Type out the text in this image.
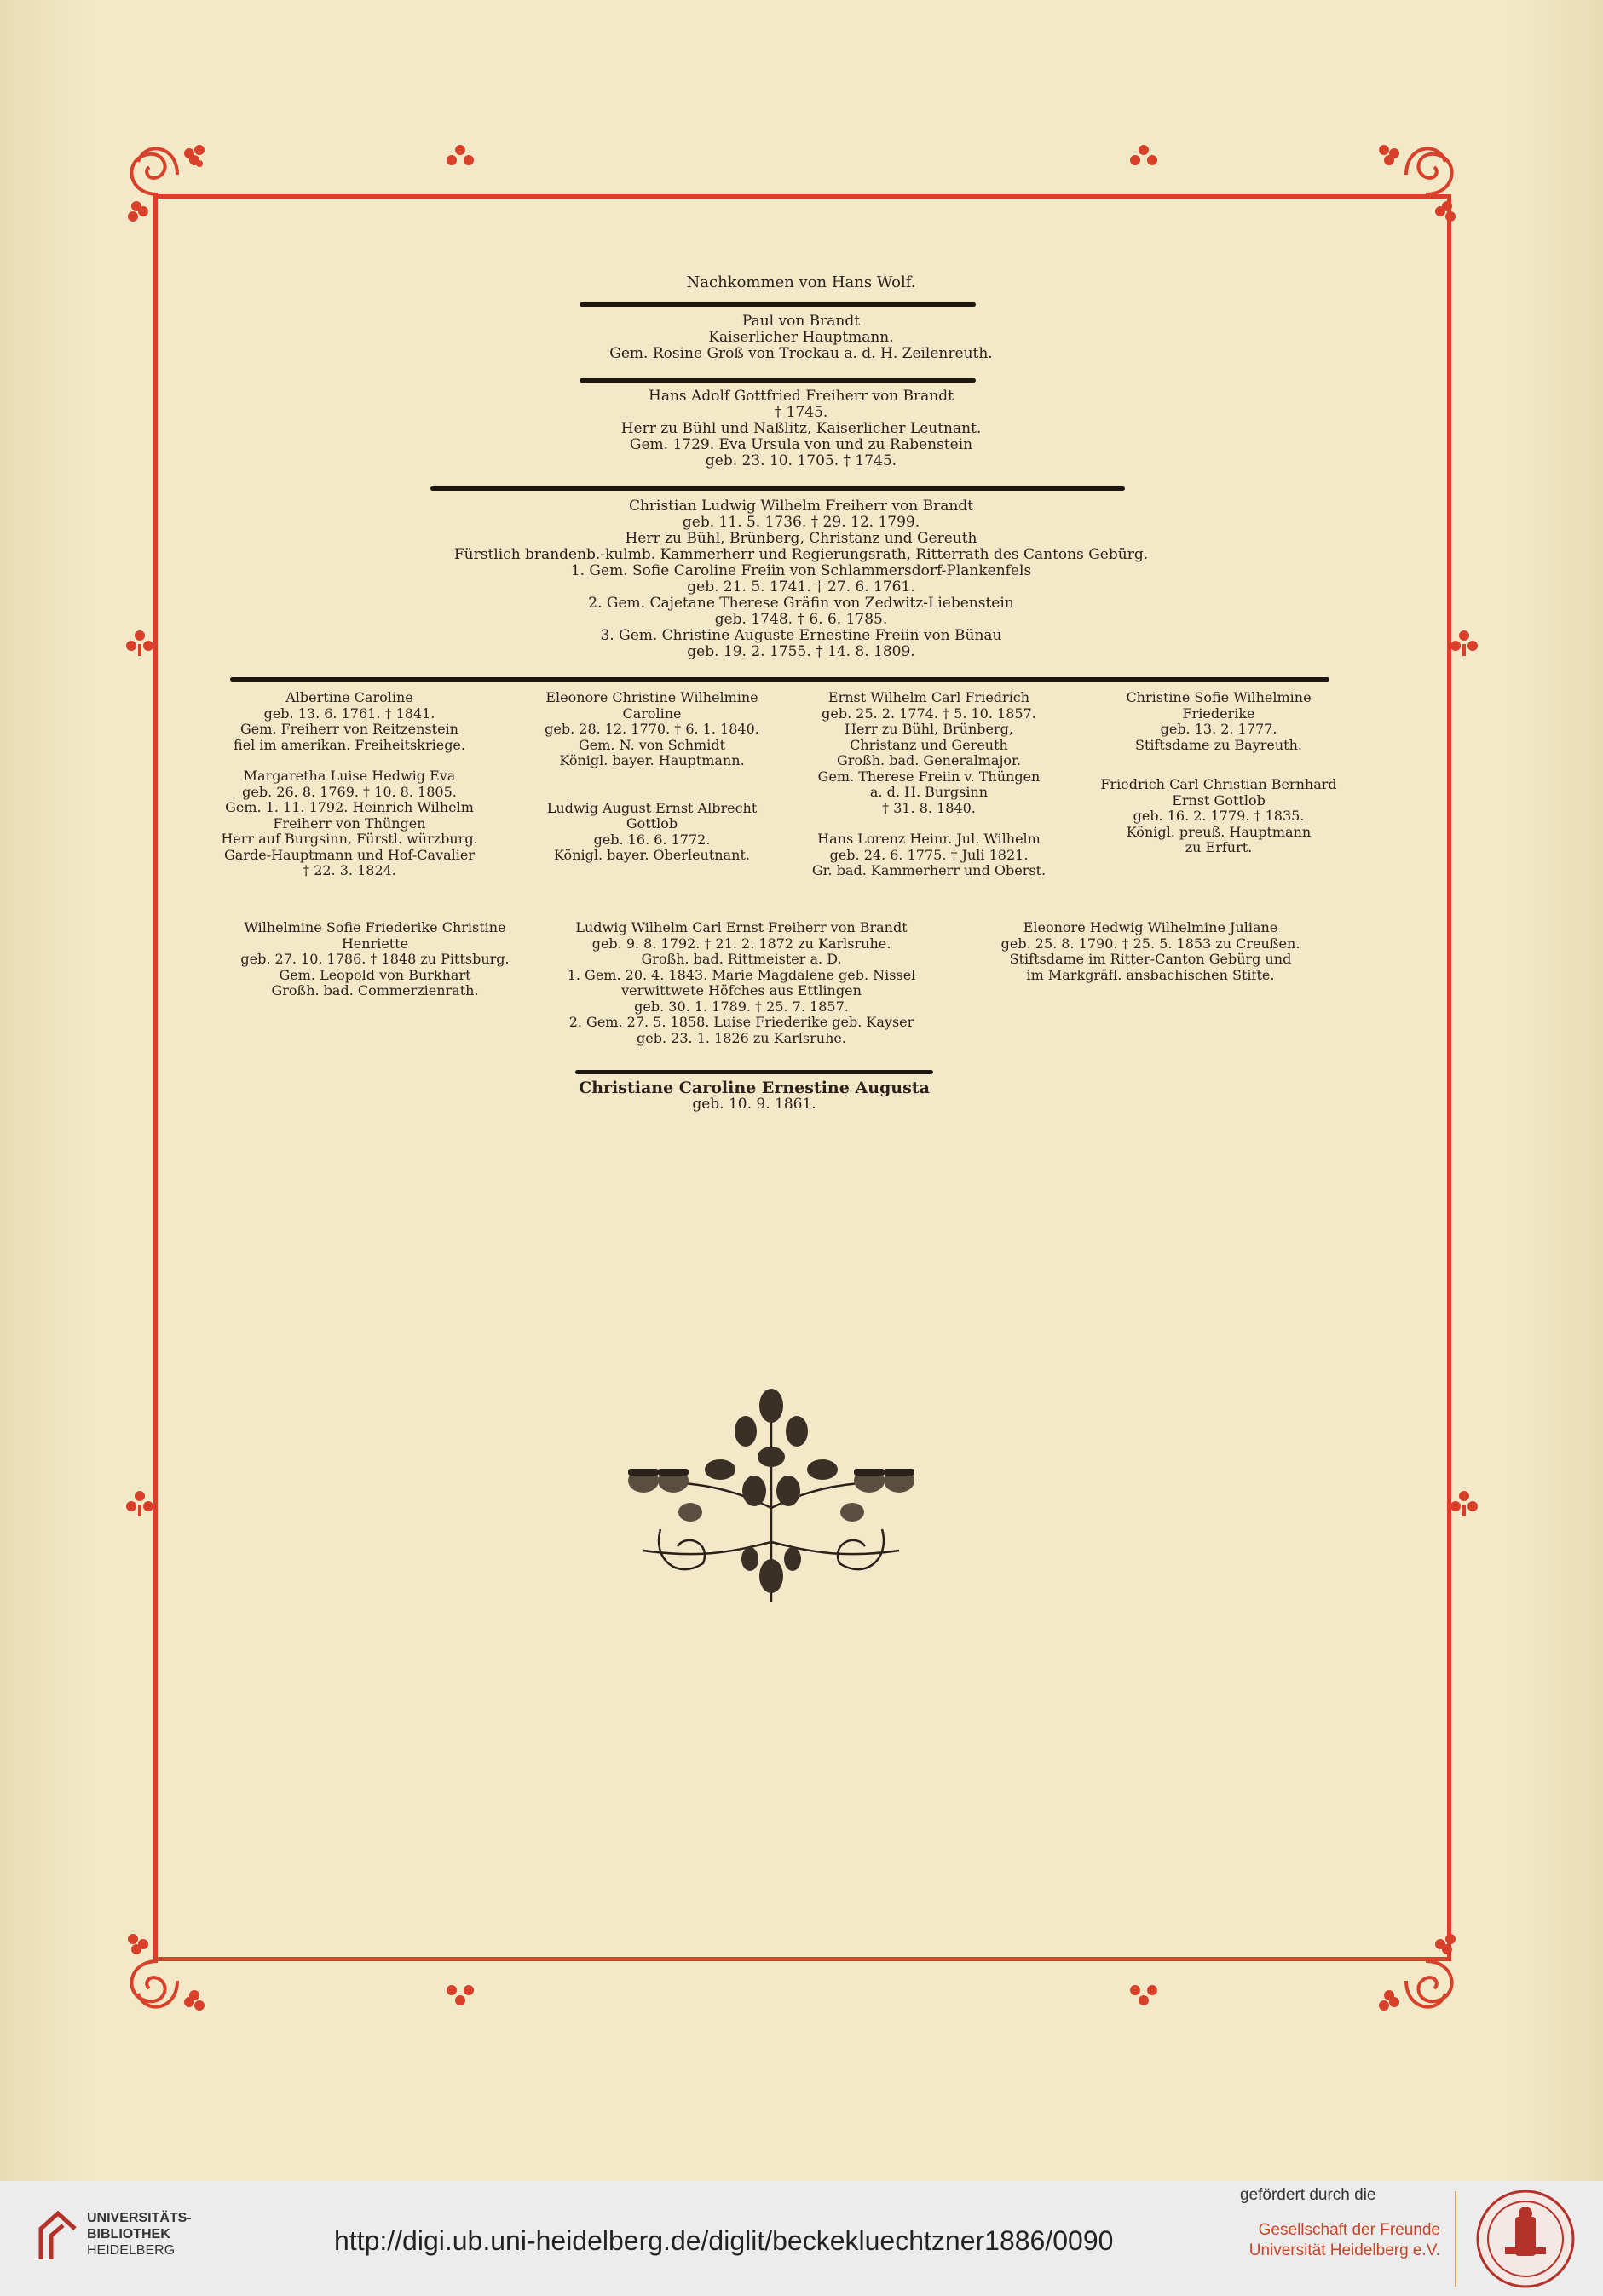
Nachkommen von Hans Wolf.
Paul von Brandt
Kaiserlicher Hauptmann.
Gem. Rosine Groß von Trockau a. d. H. Zeilenreuth.
Hans Adolf Gottfried Freiherr von Brandt
† 1745.
Herr zu Bühl und Naßlitz, Kaiserlicher Leutnant.
Gem. 1729. Eva Ursula von und zu Rabenstein
geb. 23. 10. 1705. † 1745.
Christian Ludwig Wilhelm Freiherr von Brandt
geb. 11. 5. 1736. † 29. 12. 1799.
Herr zu Bühl, Brünberg, Christanz und Gereuth
Fürstlich brandenb.-kulmb. Kammerherr und Regierungsrath, Ritterrath des Cantons Gebürg.
1. Gem. Sofie Caroline Freiin von Schlammersdorf-Plankenfels
geb. 21. 5. 1741. † 27. 6. 1761.
2. Gem. Cajetane Therese Gräfin von Zedwitz-Liebenstein
geb. 1748. † 6. 6. 1785.
3. Gem. Christine Auguste Ernestine Freiin von Bünau
geb. 19. 2. 1755. † 14. 8. 1809.
Albertine Caroline
geb. 13. 6. 1761. † 1841.
Gem. Freiherr von Reitzenstein
fiel im amerikan. Freiheitskriege.
Margaretha Luise Hedwig Eva
geb. 26. 8. 1769. † 10. 8. 1805.
Gem. 1. 11. 1792. Heinrich Wilhelm
Freiherr von Thüngen
Herr auf Burgsinn, Fürstl. würzburg.
Garde-Hauptmann und Hof-Cavalier
† 22. 3. 1824.
Eleonore Christine Wilhelmine
Caroline
geb. 28. 12. 1770. † 6. 1. 1840.
Gem. N. von Schmidt
Königl. bayer. Hauptmann.
Ludwig August Ernst Albrecht
Gottlob
geb. 16. 6. 1772.
Königl. bayer. Oberleutnant.
Ernst Wilhelm Carl Friedrich
geb. 25. 2. 1774. † 5. 10. 1857.
Herr zu Bühl, Brünberg,
Christanz und Gereuth
Großh. bad. Generalmajor.
Gem. Therese Freiin v. Thüngen
a. d. H. Burgsinn
† 31. 8. 1840.
Hans Lorenz Heinr. Jul. Wilhelm
geb. 24. 6. 1775. † Juli 1821.
Gr. bad. Kammerherr und Oberst.
Christine Sofie Wilhelmine
Friederike
geb. 13. 2. 1777.
Stiftsdame zu Bayreuth.
Friedrich Carl Christian Bernhard
Ernst Gottlob
geb. 16. 2. 1779. † 1835.
Königl. preuß. Hauptmann
zu Erfurt.
Wilhelmine Sofie Friederike Christine
Henriette
geb. 27. 10. 1786. † 1848 zu Pittsburg.
Gem. Leopold von Burkhart
Großh. bad. Commerzienrath.
Ludwig Wilhelm Carl Ernst Freiherr von Brandt
geb. 9. 8. 1792. † 21. 2. 1872 zu Karlsruhe.
Großh. bad. Rittmeister a. D.
1. Gem. 20. 4. 1843. Marie Magdalene geb. Nissel
verwittwete Höfches aus Ettlingen
geb. 30. 1. 1789. † 25. 7. 1857.
2. Gem. 27. 5. 1858. Luise Friederike geb. Kayser
geb. 23. 1. 1826 zu Karlsruhe.
Eleonore Hedwig Wilhelmine Juliane
geb. 25. 8. 1790. † 25. 5. 1853 zu Creußen.
Stiftsdame im Ritter-Canton Gebürg und
im Markgräfl. ansbachischen Stifte.
Christiane Caroline Ernestine Augusta
geb. 10. 9. 1861.
UNIVERSITÄTS-
BIBLIOTHEK
HEIDELBERG	http://digi.ub.uni-heidelberg.de/diglit/beckekluechtzner1886/0090
gefördert durch die
Gesellschaft der Freunde
Universität Heidelberg e.V.
